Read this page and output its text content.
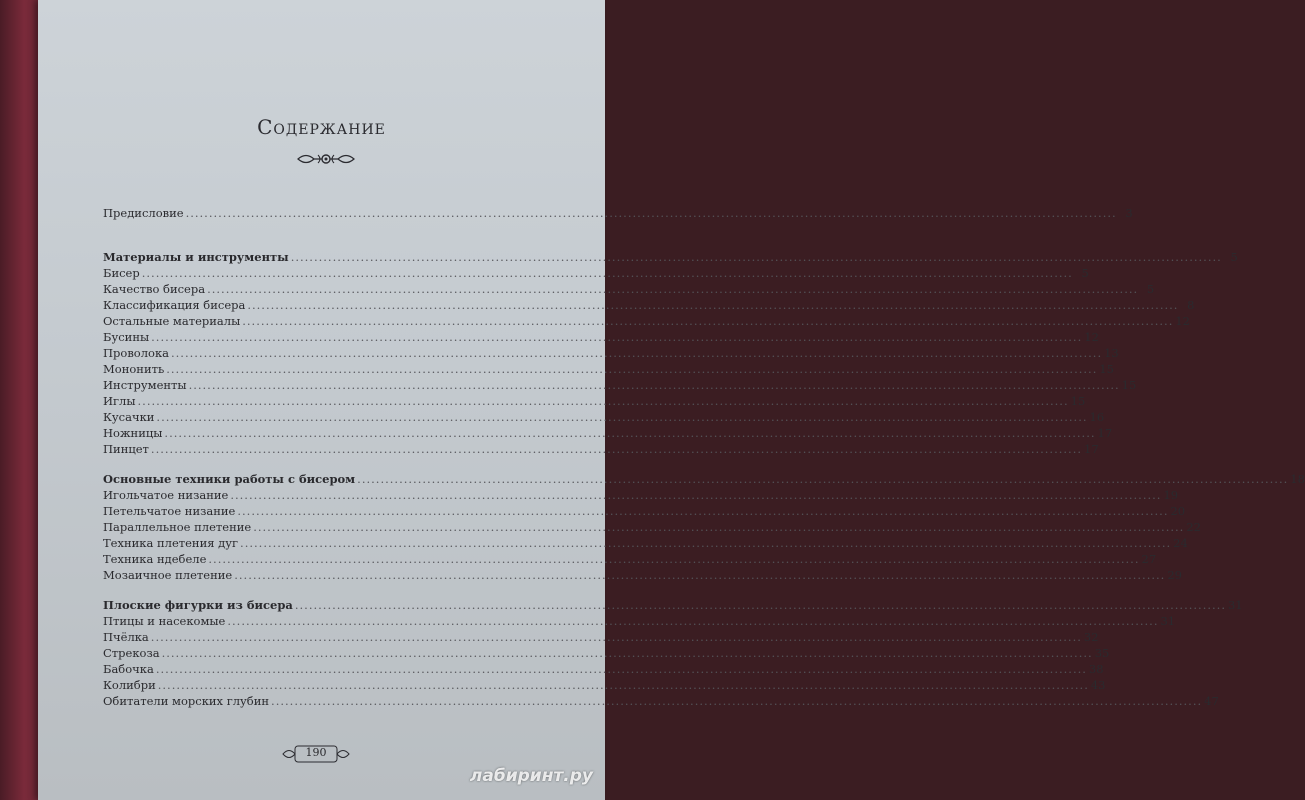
Содержание
Предисловие ........................................................................................................................................................................................................ 3
Материалы и инструменты ........................................................................................................................................................................................................ 5
Бисер ........................................................................................................................................................................................................ 5
Качество бисера ........................................................................................................................................................................................................ 5
Классификация бисера ........................................................................................................................................................................................................ 8
Остальные материалы ........................................................................................................................................................................................................ 12
Бусины ........................................................................................................................................................................................................ 12
Проволока ........................................................................................................................................................................................................ 13
Мононить ........................................................................................................................................................................................................ 15
Инструменты ........................................................................................................................................................................................................ 15
Иглы ........................................................................................................................................................................................................ 15
Кусачки ........................................................................................................................................................................................................ 16
Ножницы ........................................................................................................................................................................................................ 17
Пинцет ........................................................................................................................................................................................................ 17
Основные техники работы с бисером ........................................................................................................................................................................................................ 18
Игольчатое низание ........................................................................................................................................................................................................ 19
Петельчатое низание ........................................................................................................................................................................................................ 20
Параллельное плетение ........................................................................................................................................................................................................ 22
Техника плетения дуг ........................................................................................................................................................................................................ 24
Техника ндебеле ........................................................................................................................................................................................................ 27
Мозаичное плетение ........................................................................................................................................................................................................ 29
Плоские фигурки из бисера ........................................................................................................................................................................................................ 31
Птицы и насекомые ........................................................................................................................................................................................................ 31
Пчёлка ........................................................................................................................................................................................................ 32
Стрекоза ........................................................................................................................................................................................................ 35
Бабочка ........................................................................................................................................................................................................ 38
Колибри ........................................................................................................................................................................................................ 43
Обитатели морских глубин ........................................................................................................................................................................................................ 47
190
лабиринт.ру
